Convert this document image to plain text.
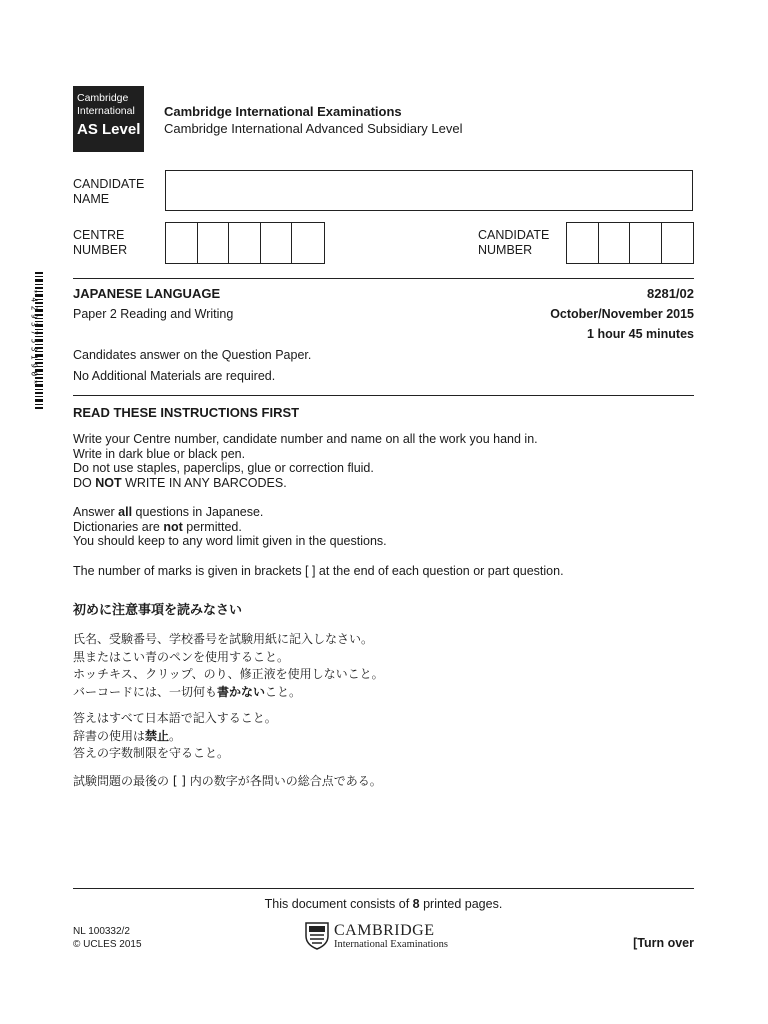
Cambridge
International
AS Level
Cambridge International Examinations
Cambridge International Advanced Subsidiary Level
CANDIDATE
NAME
CENTRE
NUMBER
CANDIDATE
NUMBER
*4293753190*	JAPANESE LANGUAGE	8281/02
Paper 2 Reading and Writing	October/November 2015
1 hour 45 minutes
Candidates answer on the Question Paper.
No Additional Materials are required.
READ THESE INSTRUCTIONS FIRST
Write your Centre number, candidate number and name on all the work you hand in.
Write in dark blue or black pen.
Do not use staples, paperclips, glue or correction fluid.
DO NOT WRITE IN ANY BARCODES.
Answer all questions in Japanese.
Dictionaries are not permitted.
You should keep to any word limit given in the questions.
The number of marks is given in brackets [ ] at the end of each question or part question.
初めに注意事項を読みなさい
氏名、受験番号、学校番号を試験用紙に記入しなさい。
黒またはこい青のペンを使用すること。
ホッチキス、クリップ、のり、修正液を使用しないこと。
バーコードには、一切何も書かないこと。
答えはすべて日本語で記入すること。
辞書の使用は禁止。
答えの字数制限を守ること。
試験問題の最後の [ ] 内の数字が各問いの総合点である。
This document consists of 8 printed pages.
NL 100332/2
© UCLES 2015
CAMBRIDGE
International Examinations	[Turn over
